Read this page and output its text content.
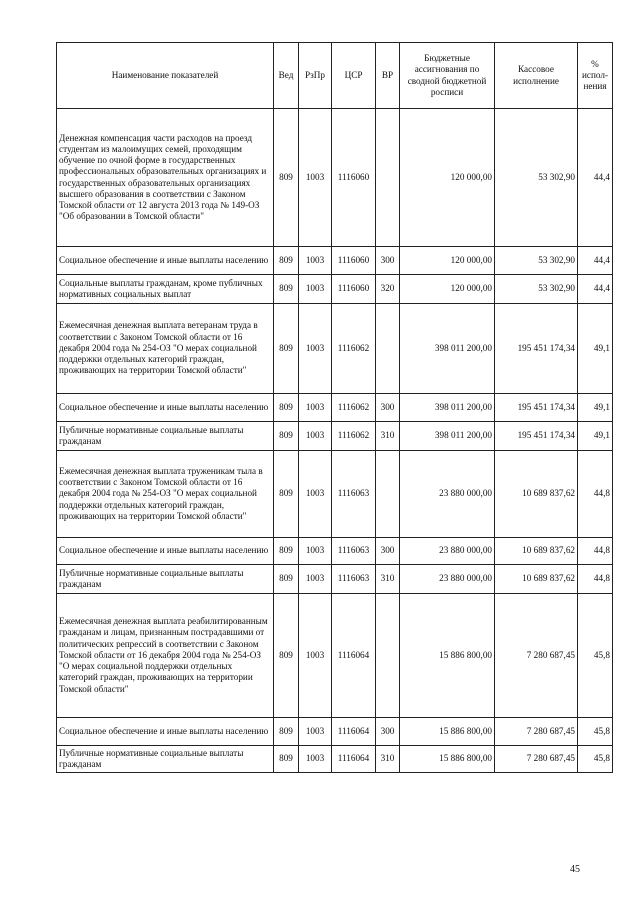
Наименование показателей	Вед	РзПр	ЦСР	ВР	Бюджетные ассигнования по сводной бюджетной росписи	Кассовое исполнение	% испол-нения
Денежная компенсация части расходов на проезд студентам из малоимущих семей, проходящим обучение по очной форме в государственных профессиональных образовательных организациях и государственных образовательных организациях высшего образования в соответствии с Законом Томской области от 12 августа 2013 года № 149-ОЗ "Об образовании в Томской области"	809	1003	1116060		120 000,00	53 302,90	44,4
Социальное обеспечение и иные выплаты населению	809	1003	1116060	300	120 000,00	53 302,90	44,4
Социальные выплаты гражданам, кроме публичных нормативных социальных выплат	809	1003	1116060	320	120 000,00	53 302,90	44,4
Ежемесячная денежная выплата ветеранам труда в соответствии с Законом Томской области от 16 декабря 2004 года № 254-ОЗ "О мерах социальной поддержки отдельных категорий граждан, проживающих на территории Томской области"	809	1003	1116062		398 011 200,00	195 451 174,34	49,1
Социальное обеспечение и иные выплаты населению	809	1003	1116062	300	398 011 200,00	195 451 174,34	49,1
Публичные нормативные социальные выплаты гражданам	809	1003	1116062	310	398 011 200,00	195 451 174,34	49,1
Ежемесячная денежная выплата труженикам тыла в соответствии с Законом Томской области от 16 декабря 2004 года № 254-ОЗ "О мерах социальной поддержки отдельных категорий граждан, проживающих на территории Томской области"	809	1003	1116063		23 880 000,00	10 689 837,62	44,8
Социальное обеспечение и иные выплаты населению	809	1003	1116063	300	23 880 000,00	10 689 837,62	44,8
Публичные нормативные социальные выплаты гражданам	809	1003	1116063	310	23 880 000,00	10 689 837,62	44,8
Ежемесячная денежная выплата реабилитированным гражданам и лицам, признанным пострадавшими от политических репрессий в соответствии с Законом Томской области от 16 декабря 2004 года № 254-ОЗ "О мерах социальной поддержки отдельных категорий граждан, проживающих на территории Томской области"	809	1003	1116064		15 886 800,00	7 280 687,45	45,8
Социальное обеспечение и иные выплаты населению	809	1003	1116064	300	15 886 800,00	7 280 687,45	45,8
Публичные нормативные социальные выплаты гражданам	809	1003	1116064	310	15 886 800,00	7 280 687,45	45,8
45
